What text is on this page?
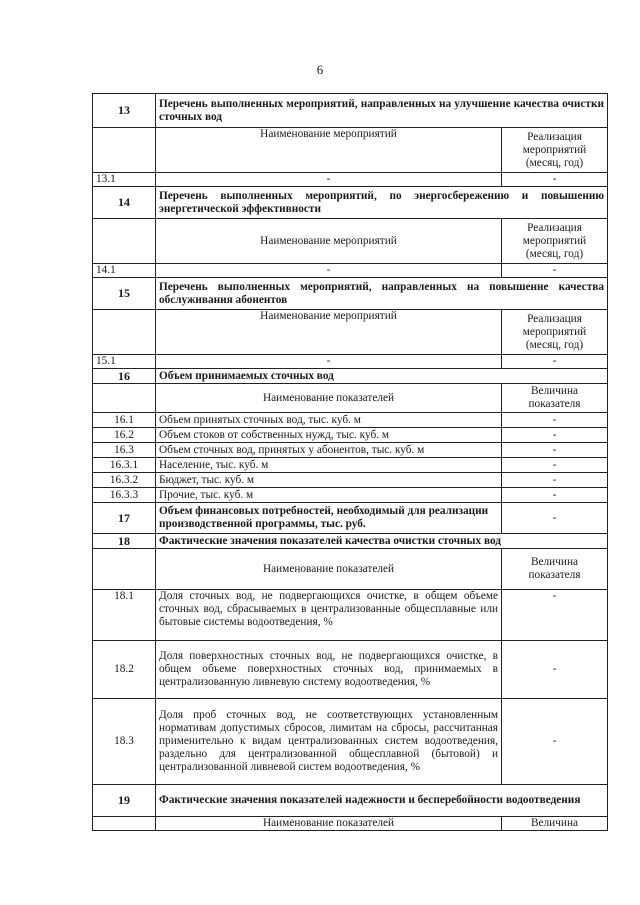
6
13	Перечень выполненных мероприятий, направленных на улучшение качества очистки сточных вод	
	Наименование мероприятий	Реализация мероприятий (месяц, год)
13.1	-	-
14	Перечень выполненных мероприятий, по энергосбережению и повышению энергетической эффективности	
	Наименование мероприятий	Реализация мероприятий (месяц, год)
14.1	-	-
15	Перечень выполненных мероприятий, направленных на повышение качества обслуживания абонентов	
	Наименование мероприятий	Реализация мероприятий (месяц, год)
15.1	-	-
16	Объем принимаемых сточных вод	
	Наименование показателей	Величина показателя
16.1	Объем принятых сточных вод, тыс. куб. м	-
16.2	Объем стоков от собственных нужд, тыс. куб. м	-
16.3	Объем сточных вод, принятых у абонентов, тыс. куб. м	-
16.3.1	Население, тыс. куб. м	-
16.3.2	Бюджет, тыс. куб. м	-
16.3.3	Прочие, тыс. куб. м	-
17	Объем финансовых потребностей, необходимый для реализации производственной программы, тыс. руб.	-
18	Фактические значения показателей качества очистки сточных вод	
	Наименование показателей	Величина показателя
18.1	Доля сточных вод, не подвергающихся очистке, в общем объеме сточных вод, сбрасываемых в централизованные общесплавные или бытовые системы водоотведения, %	-
18.2	Доля поверхностных сточных вод, не подвергающихся очистке, в общем объеме поверхностных сточных вод, принимаемых в централизованную ливневую систему водоотведения, %	-
18.3	Доля проб сточных вод, не соответствующих установленным нормативам допустимых сбросов, лимитам на сбросы, рассчитанная применительно к видам централизованных систем водоотведения, раздельно для централизованной общесплавной (бытовой) и централизованной ливневой систем водоотведения, %	-
19	Фактические значения показателей надежности и бесперебойности водоотведения	
	Наименование показателей	Величина
